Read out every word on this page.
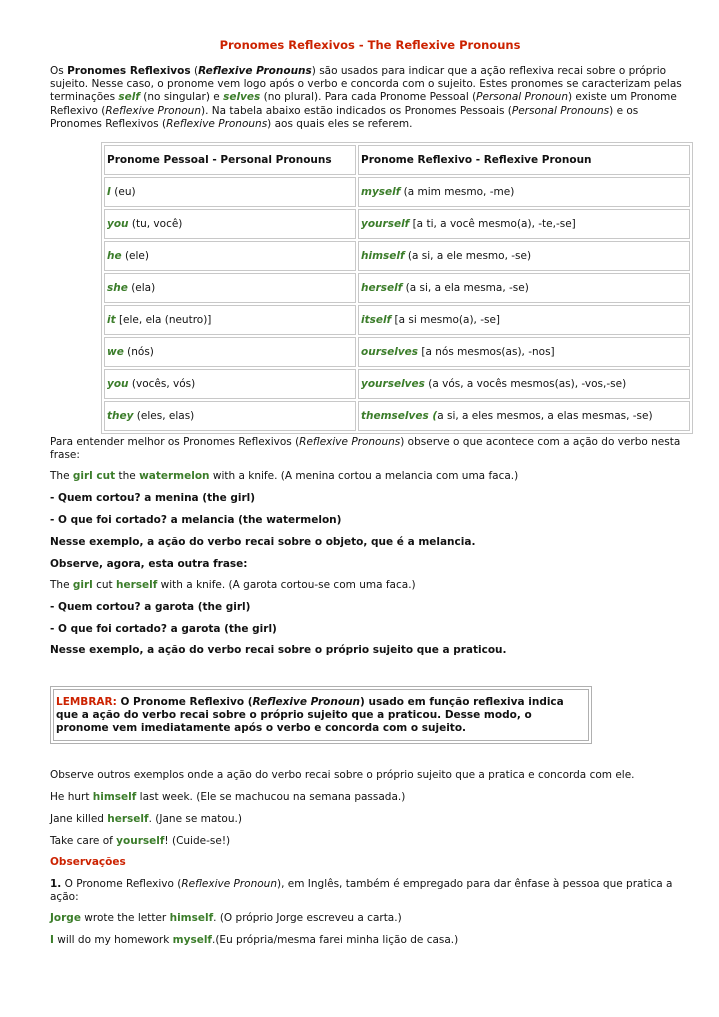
Pronomes Reflexivos - The Reflexive Pronouns
Os Pronomes Reflexivos (Reflexive Pronouns) são usados para indicar que a ação reflexiva recai sobre o próprio sujeito. Nesse caso, o pronome vem logo após o verbo e concorda com o sujeito. Estes pronomes se caracterizam pelas terminações self (no singular) e selves (no plural). Para cada Pronome Pessoal (Personal Pronoun) existe um Pronome Reflexivo (Reflexive Pronoun). Na tabela abaixo estão indicados os Pronomes Pessoais (Personal Pronouns) e os Pronomes Reflexivos (Reflexive Pronouns) aos quais eles se referem.
Pronome Pessoal - Personal Pronouns	Pronome Reflexivo - Reflexive Pronoun
I (eu)	myself (a mim mesmo, -me)
you (tu, você)	yourself [a ti, a você mesmo(a), -te,-se]
he (ele)	himself (a si, a ele mesmo, -se)
she (ela)	herself (a si, a ela mesma, -se)
it [ele, ela (neutro)]	itself [a si mesmo(a), -se]
we (nós)	ourselves [a nós mesmos(as), -nos]
you (vocês, vós)	yourselves (a vós, a vocês mesmos(as), -vos,-se)
they (eles, elas)	themselves (a si, a eles mesmos, a elas mesmas, -se)
Para entender melhor os Pronomes Reflexivos (Reflexive Pronouns) observe o que acontece com a ação do verbo nesta frase:
The girl cut the watermelon with a knife. (A menina cortou a melancia com uma faca.)
- Quem cortou? a menina (the girl)
- O que foi cortado? a melancia (the watermelon)
Nesse exemplo, a ação do verbo recai sobre o objeto, que é a melancia.
Observe, agora, esta outra frase:
The girl cut herself with a knife. (A garota cortou-se com uma faca.)
- Quem cortou? a garota (the girl)
- O que foi cortado? a garota (the girl)
Nesse exemplo, a ação do verbo recai sobre o próprio sujeito que a praticou.
LEMBRAR: O Pronome Reflexivo (Reflexive Pronoun) usado em função reflexiva indica que a ação do verbo recai sobre o próprio sujeito que a praticou. Desse modo, o pronome vem imediatamente após o verbo e concorda com o sujeito.
Observe outros exemplos onde a ação do verbo recai sobre o próprio sujeito que a pratica e concorda com ele.
He hurt himself last week. (Ele se machucou na semana passada.)
Jane killed herself. (Jane se matou.)
Take care of yourself! (Cuide-se!)
Observações
1. O Pronome Reflexivo (Reflexive Pronoun), em Inglês, também é empregado para dar ênfase à pessoa que pratica a ação:
Jorge wrote the letter himself. (O próprio Jorge escreveu a carta.)
I will do my homework myself.(Eu própria/mesma farei minha lição de casa.)
